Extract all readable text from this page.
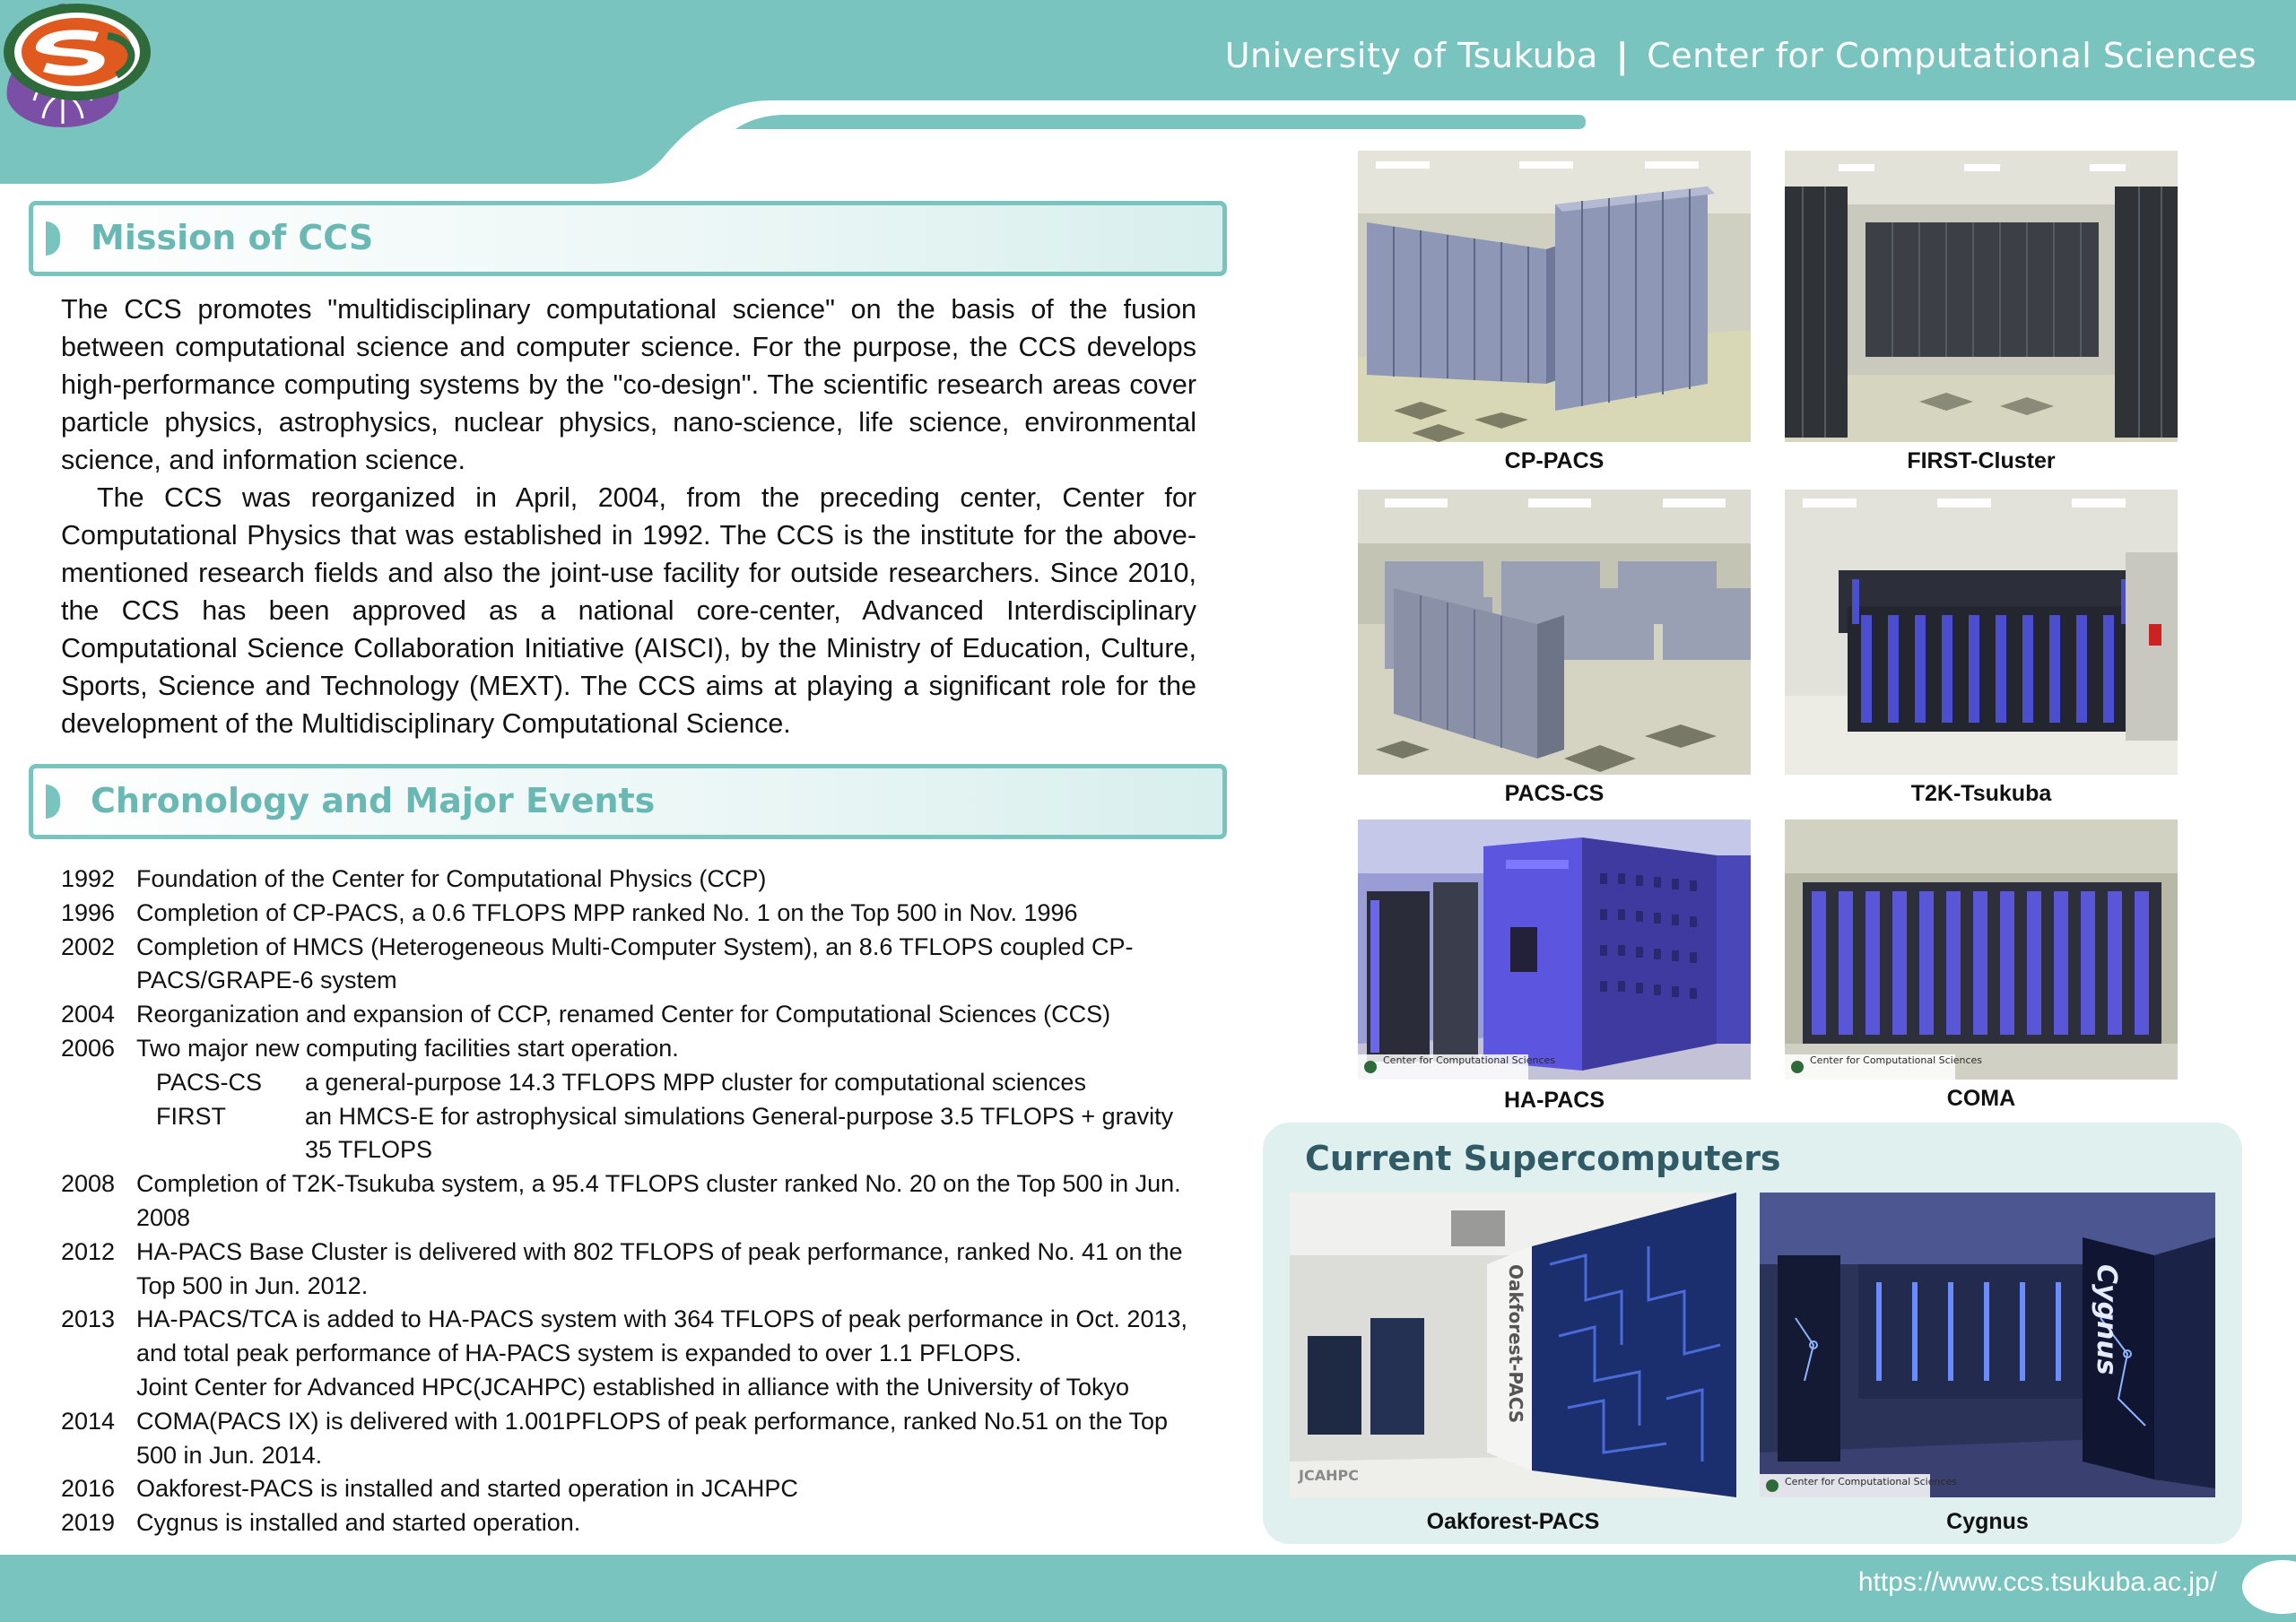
University of Tsukuba | Center for Computational Sciences
Mission of CCS

The CCS promotes "multidisciplinary computational science" on the basis of the fusion between computational science and computer science. For the purpose, the CCS develops high-performance computing systems by the "co-design". The scientific research areas cover particle physics, astrophysics, nuclear physics, nano-science, life science, environmental science, and information science.

The CCS was reorganized in April, 2004, from the preceding center, Center for Computational Physics that was established in 1992. The CCS is the institute for the above-mentioned research fields and also the joint-use facility for outside researchers. Since 2010, the CCS has been approved as a national core-center, Advanced Interdisciplinary Computational Science Collaboration Initiative (AISCI), by the Ministry of Education, Culture, Sports, Science and Technology (MEXT). The CCS aims at playing a significant role for the development of the Multidisciplinary Computational Science.

Chronology and Major Events
1992 Foundation of the Center for Computational Physics (CCP)
1996 Completion of CP-PACS, a 0.6 TFLOPS MPP ranked No. 1 on the Top 500 in Nov. 1996
2002 Completion of HMCS (Heterogeneous Multi-Computer System), an 8.6 TFLOPS coupled CP-PACS/GRAPE-6 system
2004 Reorganization and expansion of CCP, renamed Center for Computational Sciences (CCS)
2006 Two major new computing facilities start operation.
PACS-CS	a general-purpose 14.3 TFLOPS MPP cluster for computational sciences
FIRST	an HMCS-E for astrophysical simulations General-purpose 3.5 TFLOPS + gravity 35 TFLOPS
2008 Completion of T2K-Tsukuba system, a 95.4 TFLOPS cluster ranked No. 20 on the Top 500 in Jun. 2008
2012 HA-PACS Base Cluster is delivered with 802 TFLOPS of peak performance, ranked No. 41 on the Top 500 in Jun. 2012.
2013 HA-PACS/TCA is added to HA-PACS system with 364 TFLOPS of peak performance in Oct. 2013, and total peak performance of HA-PACS system is expanded to over 1.1 PFLOPS.
Joint Center for Advanced HPC(JCAHPC) established in alliance with the University of Tokyo
2014 COMA(PACS IX) is delivered with 1.001PFLOPS of peak performance, ranked No.51 on the Top 500 in Jun. 2014.
2016 Oakforest-PACS is installed and started operation in JCAHPC
2019 Cygnus is installed and started operation.
CP-PACS	FIRST-Cluster
PACS-CS	T2K-Tsukuba
Center for Computational Sciences
HA-PACS
Center for Computational Sciences
COMA
Current Supercomputers
Oakforest-PACS
JCAHPC
Oakforest-PACS
Cygnus
Center for Computational Sciences
Cygnus
https://www.ccs.tsukuba.ac.jp/
